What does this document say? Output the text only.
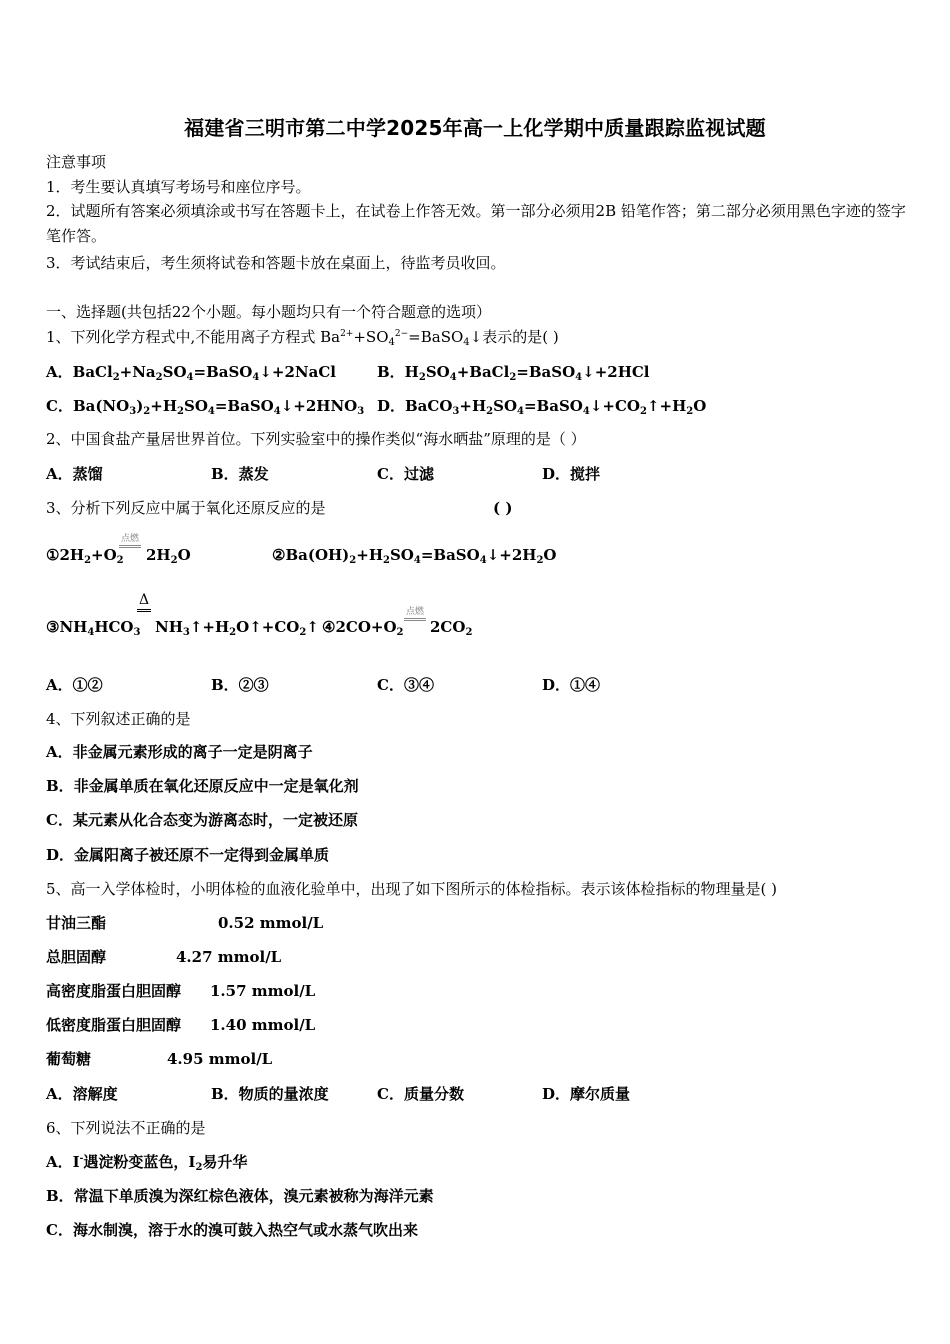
福建省三明市第二中学2025年高一上化学期中质量跟踪监视试题
注意事项
1．考生要认真填写考场号和座位序号。
2．试题所有答案必须填涂或书写在答题卡上，在试卷上作答无效。第一部分必须用2B 铅笔作答；第二部分必须用黑色字迹的签字笔作答。
3．考试结束后，考生须将试卷和答题卡放在桌面上，待监考员收回。
一、选择题(共包括22个小题。每小题均只有一个符合题意的选项）
1、下列化学方程式中,不能用离子方程式 $Ba^{2+}+SO_4^{2-}=BaSO_4↓$表示的是( )
A．$BaCl_2+Na_2SO_4=BaSO_4↓+2NaCl$	B．$H_2SO_4+BaCl_2=BaSO_4↓+2HCl$
C．$Ba(NO_3)_2+H_2SO_4=BaSO_4↓+2HNO_3$ D．$BaCO_3+H_2SO_4=BaSO_4↓+CO_2↑+H_2O$
2、中国食盐产量居世界首位。下列实验室中的操作类似“海水晒盐”原理的是（ ）
A．蒸馏	B．蒸发	C．过滤	D．搅拌
3、分析下列反应中属于氧化还原反应的是	( )
$①2H_2+O_2$
点燃
$2H_2O$	$②Ba(OH)_2+H_2SO_4=BaSO_4↓+2H_2O$
Δ
$③NH_4HCO_3$ $NH_3↑+H_2O↑+CO_2↑$ $④2CO+O_2$
点燃
$2CO_2$
A．①②	B．②③	C．③④	D．①④
4、下列叙述正确的是
A．非金属元素形成的离子一定是阴离子
B．非金属单质在氧化还原反应中一定是氧化剂
C．某元素从化合态变为游离态时，一定被还原
D．金属阳离子被还原不一定得到金属单质
5、高一入学体检时，小明体检的血液化验单中，出现了如下图所示的体检指标。表示该体检指标的物理量是( )
甘油三酯	0.52 mmol/L
总胆固醇	4.27 mmol/L
高密度脂蛋白胆固醇 1.57 mmol/L
低密度脂蛋白胆固醇 1.40 mmol/L
葡萄糖	4.95 mmol/L
A．溶解度	B．物质的量浓度	C．质量分数	D．摩尔质量
6、下列说法不正确的是
A．I-遇淀粉变蓝色，$I_2$易升华
B．常温下单质溴为深红棕色液体，溴元素被称为海洋元素
C．海水制溴，溶于水的溴可鼓入热空气或水蒸气吹出来
